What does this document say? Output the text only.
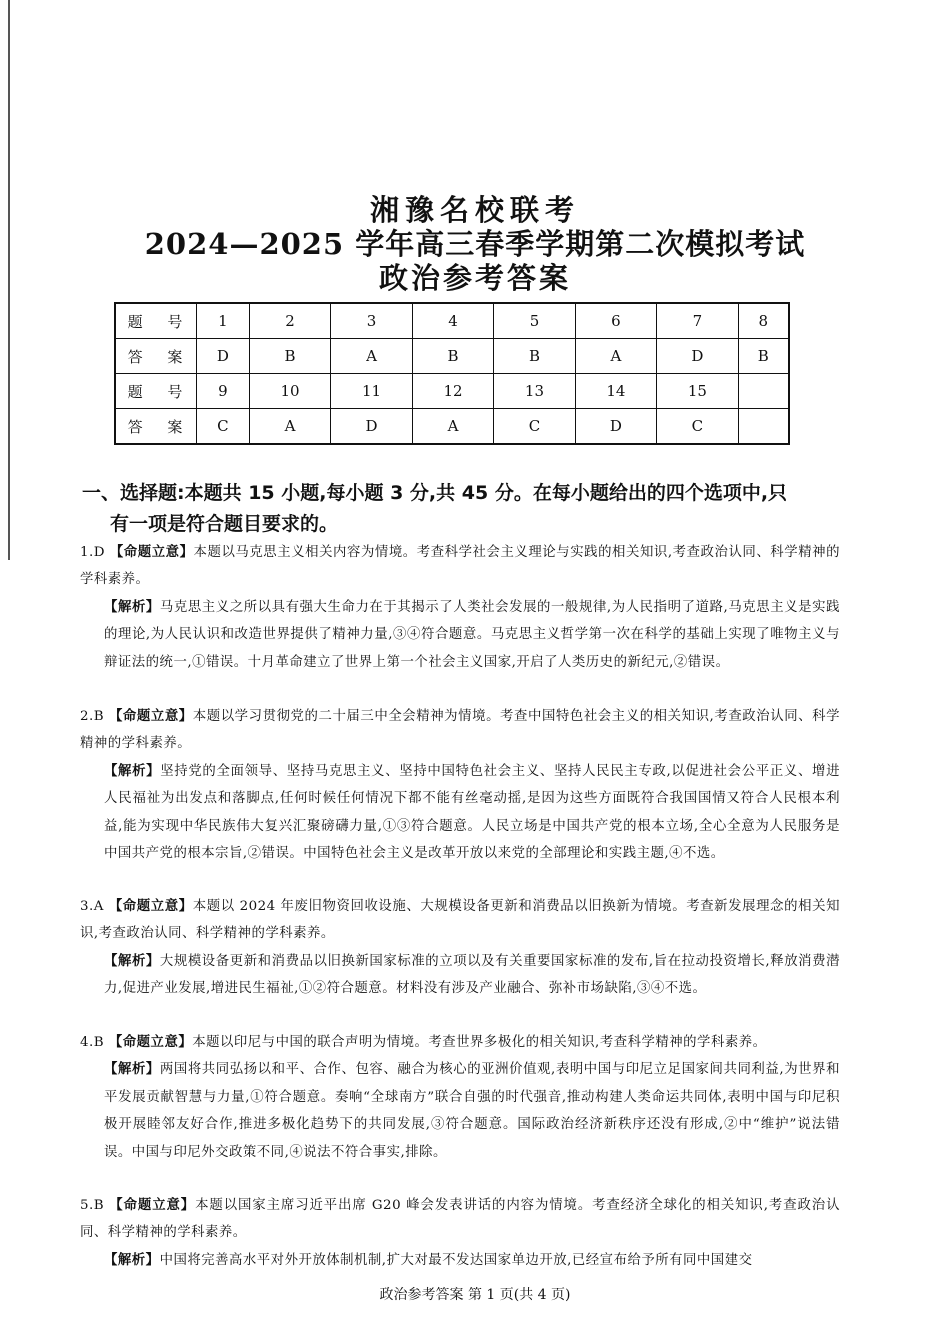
湘豫名校联考
2024—2025 学年高三春季学期第二次模拟考试
政治参考答案
题 号	1	2	3	4	5	6	7	8
答 案	D	B	A	B	B	A	D	B
题 号	9	10	11	12	13	14	15	
答 案	C	A	D	A	C	D	C	
一、选择题:本题共 15 小题,每小题 3 分,共 45 分。在每小题给出的四个选项中,只
有一项是符合题目要求的。
1.D 【命题立意】本题以马克思主义相关内容为情境。考查科学社会主义理论与实践的相关知识,考查政治认同、科学精神的学科素养。
【解析】马克思主义之所以具有强大生命力在于其揭示了人类社会发展的一般规律,为人民指明了道路,马克思主义是实践的理论,为人民认识和改造世界提供了精神力量,③④符合题意。马克思主义哲学第一次在科学的基础上实现了唯物主义与辩证法的统一,①错误。十月革命建立了世界上第一个社会主义国家,开启了人类历史的新纪元,②错误。
2.B 【命题立意】本题以学习贯彻党的二十届三中全会精神为情境。考查中国特色社会主义的相关知识,考查政治认同、科学精神的学科素养。
【解析】坚持党的全面领导、坚持马克思主义、坚持中国特色社会主义、坚持人民民主专政,以促进社会公平正义、增进人民福祉为出发点和落脚点,任何时候任何情况下都不能有丝毫动摇,是因为这些方面既符合我国国情又符合人民根本利益,能为实现中华民族伟大复兴汇聚磅礴力量,①③符合题意。人民立场是中国共产党的根本立场,全心全意为人民服务是中国共产党的根本宗旨,②错误。中国特色社会主义是改革开放以来党的全部理论和实践主题,④不选。
3.A 【命题立意】本题以 2024 年废旧物资回收设施、大规模设备更新和消费品以旧换新为情境。考查新发展理念的相关知识,考查政治认同、科学精神的学科素养。
【解析】大规模设备更新和消费品以旧换新国家标准的立项以及有关重要国家标准的发布,旨在拉动投资增长,释放消费潜力,促进产业发展,增进民生福祉,①②符合题意。材料没有涉及产业融合、弥补市场缺陷,③④不选。
4.B 【命题立意】本题以印尼与中国的联合声明为情境。考查世界多极化的相关知识,考查科学精神的学科素养。
【解析】两国将共同弘扬以和平、合作、包容、融合为核心的亚洲价值观,表明中国与印尼立足国家间共同利益,为世界和平发展贡献智慧与力量,①符合题意。奏响“全球南方”联合自强的时代强音,推动构建人类命运共同体,表明中国与印尼积极开展睦邻友好合作,推进多极化趋势下的共同发展,③符合题意。国际政治经济新秩序还没有形成,②中“维护”说法错误。中国与印尼外交政策不同,④说法不符合事实,排除。
5.B 【命题立意】本题以国家主席习近平出席 G20 峰会发表讲话的内容为情境。考查经济全球化的相关知识,考查政治认同、科学精神的学科素养。
【解析】中国将完善高水平对外开放体制机制,扩大对最不发达国家单边开放,已经宣布给予所有同中国建交
政治参考答案 第 1 页(共 4 页)
